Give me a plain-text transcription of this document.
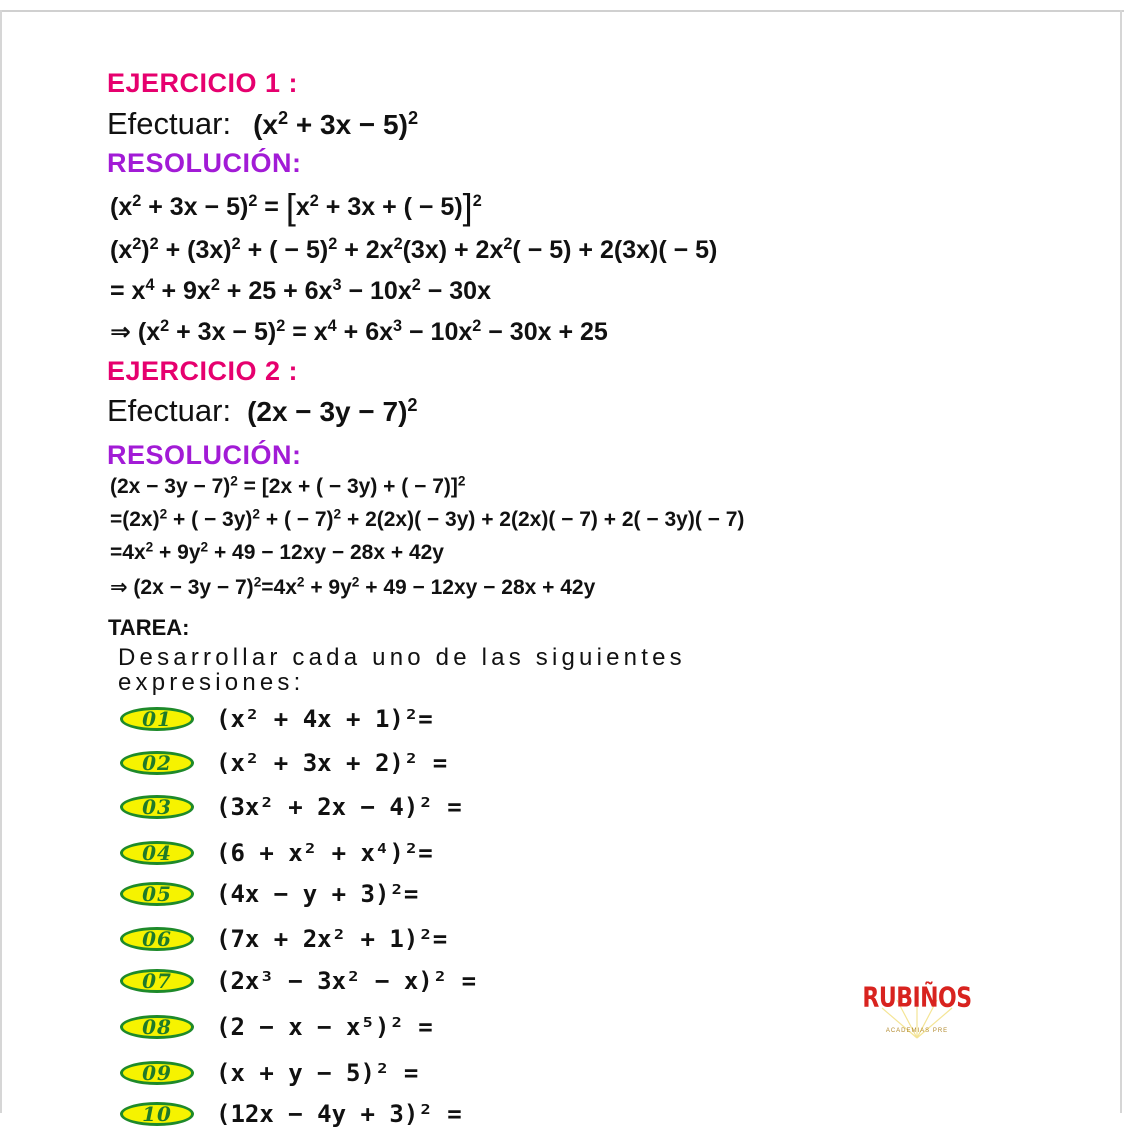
EJERCICIO 1 :
Efectuar: $(x^2 + 3x - 5)^2$
RESOLUCIÓN:
$(x^2 + 3x - 5)^2 = [x^2 + 3x$ + ( − 5)]$^2$
$(x^2)^2 + (3x)^2$ + ( − $5)^2 + 2x^2(3x) + 2x^2( - 5) + 2(3x)( - 5)$
= $x^4 + 9x^2 + 25 + 6x^3 - 10x^2 - 30x$
⇒ $(x^2 + 3x - 5)^2 = x^4 + 6x^3 - 10x^2 - 30x + 25$
EJERCICIO 2 :
Efectuar: $(2x - 3y - 7)^2$
RESOLUCIÓN:
$(2x - 3y - 7)^2 = [2x$ + ( − 3y) + ( − 7)]$^2$
$=(2x)^2$ + ( − 3y)$^2$ + ( − 7)$^2$ + 2(2x)( − 3y) + 2(2x)( − 7) + 2( − 3y)( − 7)
$=4x^2 + 9y^2 + 49 - 12xy - 28x + 42y$
⇒ $(2x - 3y - 7)^2=4x^2 + 9y^2 + 49 - 12xy - 28x + 42y$
TAREA:
Desarrollar cada uno de las siguientes
expresiones:
01	(x² + 4x + 1)²=
02	(x² + 3x + 2)² =
03	(3x² + 2x − 4)² =
04	(6 + x² + x⁴)²=
05	(4x − y + 3)²=
06	(7x + 2x² + 1)²=
07	(2x³ − 3x² − x)² =
08	(2 − x − x⁵)² =
09	(x + y − 5)² =
10	(12x − 4y + 3)² =
RUBIÑOS
ACADEMIAS PRE
